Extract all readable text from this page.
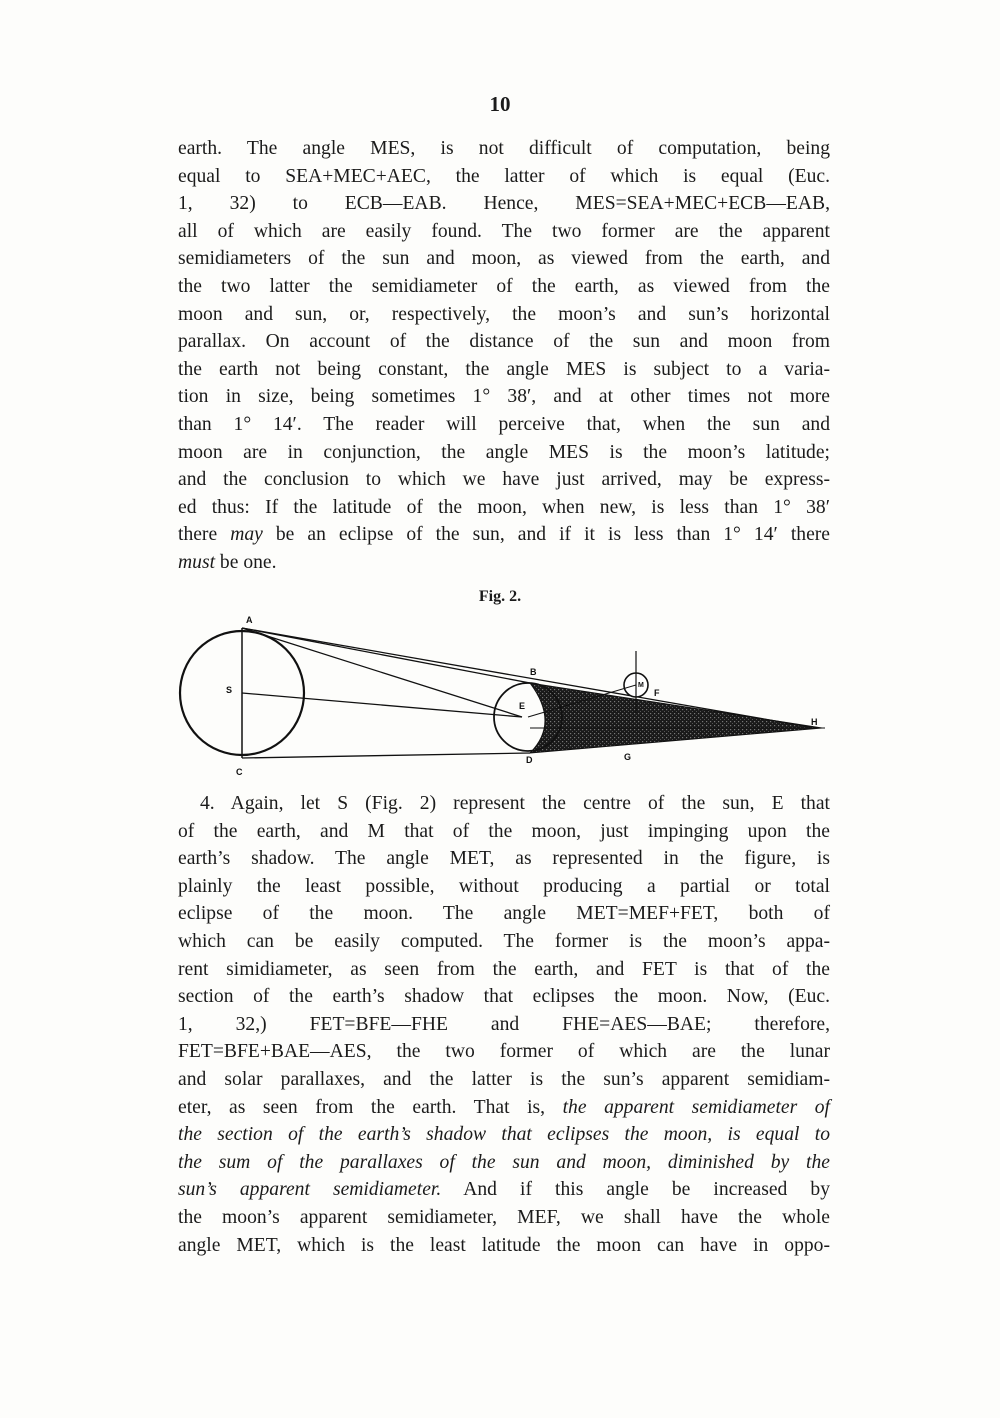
10
earth. The angle MES, is not difficult of computation, being
equal to SEA+MEC+AEC, the latter of which is equal (Euc.
1, 32) to ECB—EAB. Hence, MES=SEA+MEC+ECB—EAB,
all of which are easily found. The two former are the apparent
semidiameters of the sun and moon, as viewed from the earth, and
the two latter the semidiameter of the earth, as viewed from the
moon and sun, or, respectively, the moon’s and sun’s horizontal
parallax. On account of the distance of the sun and moon from
the earth not being constant, the angle MES is subject to a varia-
tion in size, being sometimes 1° 38′, and at other times not more
than 1° 14′. The reader will perceive that, when the sun and
moon are in conjunction, the angle MES is the moon’s latitude;
and the conclusion to which we have just arrived, may be express-
ed thus: If the latitude of the moon, when new, is less than 1° 38′
there may be an eclipse of the sun, and if it is less than 1° 14′ there
must be one.
Fig. 2.
A
S
C
B
E
D
M
F
G
H
4. Again, let S (Fig. 2) represent the centre of the sun, E that
of the earth, and M that of the moon, just impinging upon the
earth’s shadow. The angle MET, as represented in the figure, is
plainly the least possible, without producing a partial or total
eclipse of the moon. The angle MET=MEF+FET, both of
which can be easily computed. The former is the moon’s appa-
rent simidiameter, as seen from the earth, and FET is that of the
section of the earth’s shadow that eclipses the moon. Now, (Euc.
1, 32,) FET=BFE—FHE and FHE=AES—BAE; therefore,
FET=BFE+BAE—AES, the two former of which are the lunar
and solar parallaxes, and the latter is the sun’s apparent semidiam-
eter, as seen from the earth. That is, the apparent semidiameter of
the section of the earth’s shadow that eclipses the moon, is equal to
the sum of the parallaxes of the sun and moon, diminished by the
sun’s apparent semidiameter. And if this angle be increased by
the moon’s apparent semidiameter, MEF, we shall have the whole
angle MET, which is the least latitude the moon can have in oppo-
